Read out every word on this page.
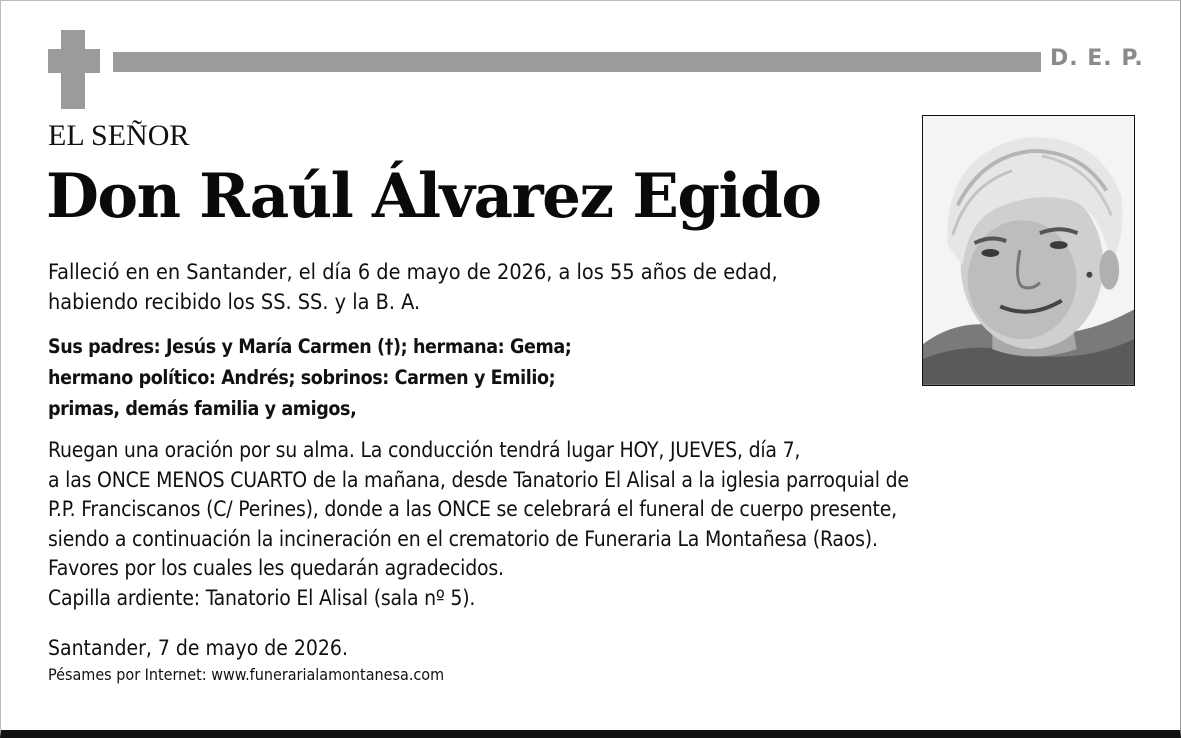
D. E. P.
EL SEÑOR
Don Raúl Álvarez Egido
Falleció en en Santander, el día 6 de mayo de 2026, a los 55 años de edad,
habiendo recibido los SS. SS. y la B. A.
Sus padres: Jesús y María Carmen (†); hermana: Gema;
hermano político: Andrés; sobrinos: Carmen y Emilio;
primas, demás familia y amigos,
Ruegan una oración por su alma. La conducción tendrá lugar HOY, JUEVES, día 7,
a las ONCE MENOS CUARTO de la mañana, desde Tanatorio El Alisal a la iglesia parroquial de
P.P. Franciscanos (C/ Perines), donde a las ONCE se celebrará el funeral de cuerpo presente,
siendo a continuación la incineración en el crematorio de Funeraria La Montañesa (Raos).
Favores por los cuales les quedarán agradecidos.
Capilla ardiente: Tanatorio El Alisal (sala nº 5).
Santander, 7 de mayo de 2026.
Pésames por Internet: www.funerarialamontanesa.com
